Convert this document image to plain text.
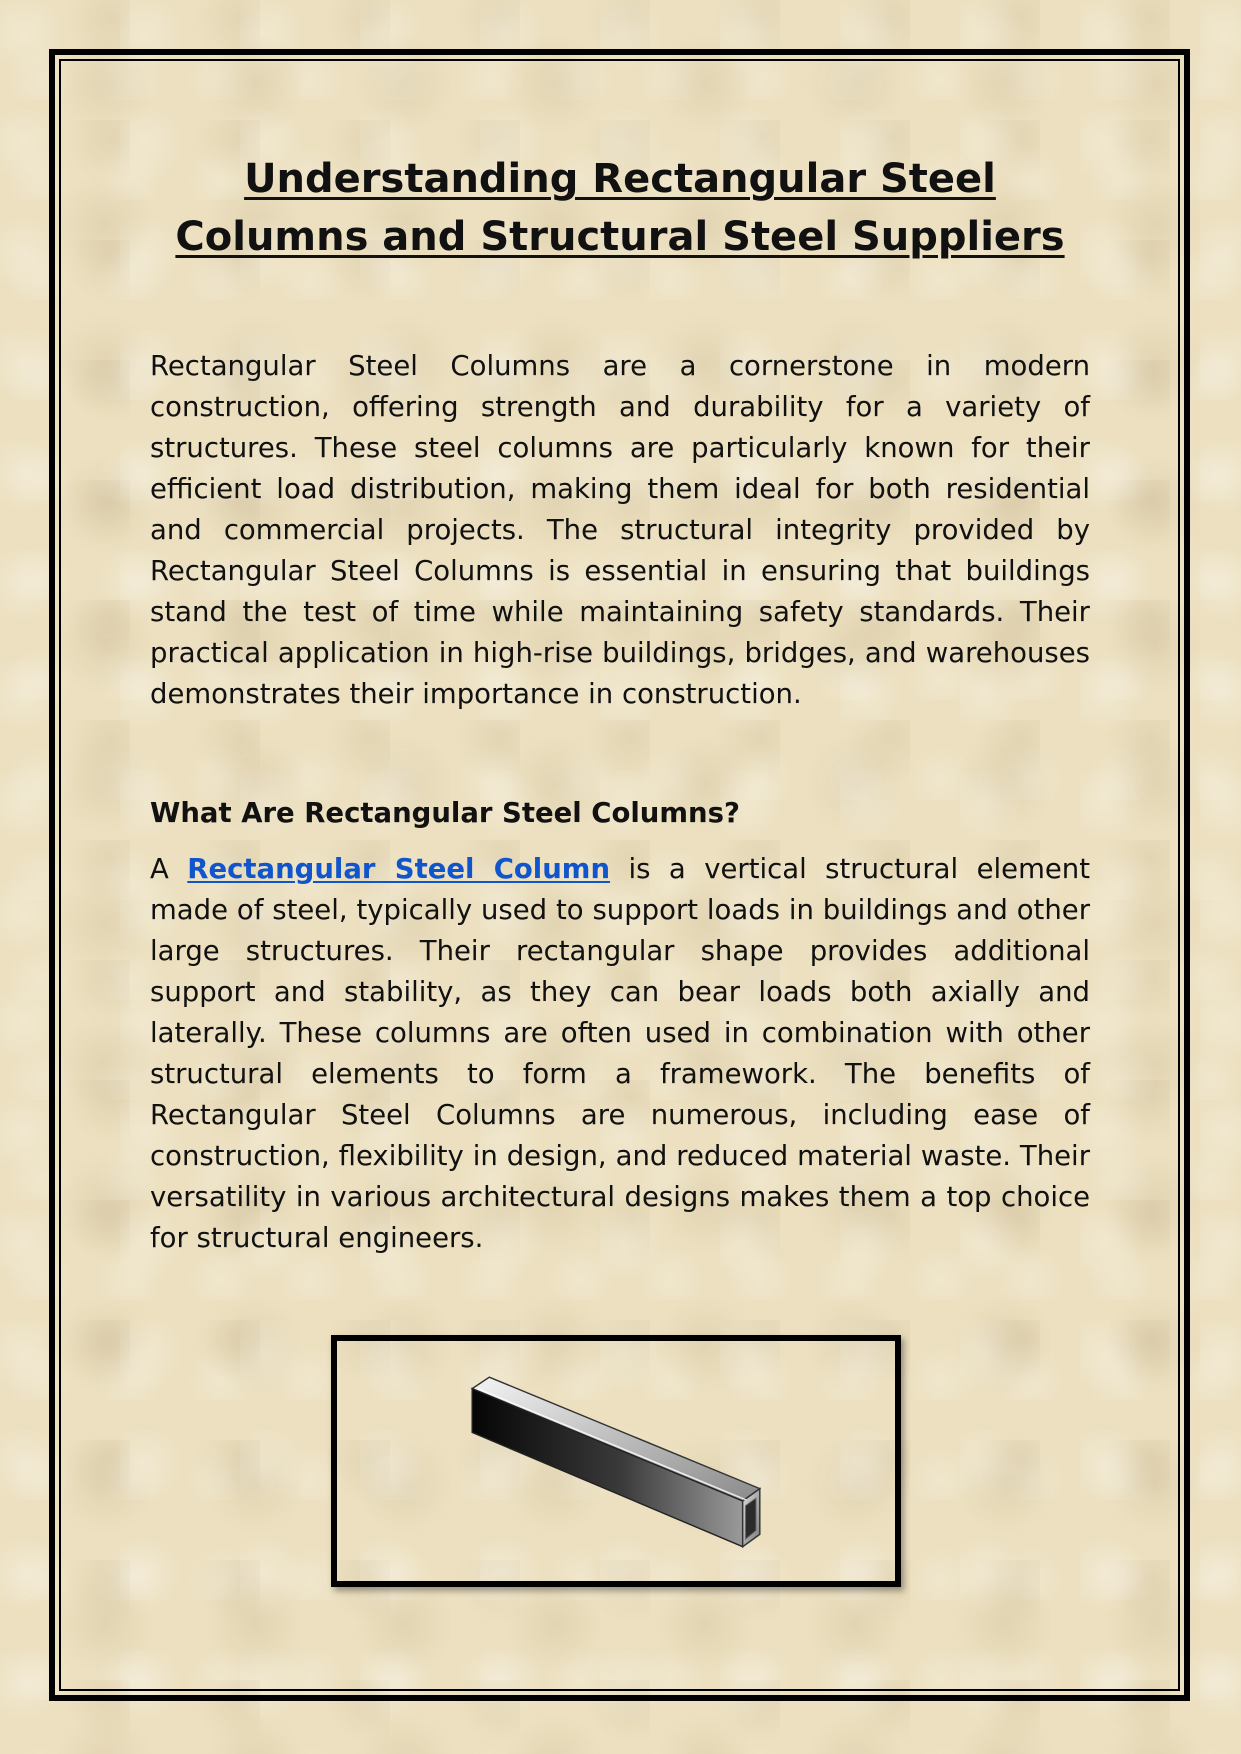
Understanding Rectangular Steel Columns and Structural Steel Suppliers

Rectangular Steel Columns are a cornerstone in modern construction, offering strength and durability for a variety of structures. These steel columns are particularly known for their efficient load distribution, making them ideal for both residential and commercial projects. The structural integrity provided by Rectangular Steel Columns is essential in ensuring that buildings stand the test of time while maintaining safety standards. Their practical application in high-rise buildings, bridges, and warehouses demonstrates their importance in construction.

What Are Rectangular Steel Columns?

A Rectangular Steel Column is a vertical structural element made of steel, typically used to support loads in buildings and other large structures. Their rectangular shape provides additional support and stability, as they can bear loads both axially and laterally. These columns are often used in combination with other structural elements to form a framework. The benefits of Rectangular Steel Columns are numerous, including ease of construction, flexibility in design, and reduced material waste. Their versatility in various architectural designs makes them a top choice for structural engineers.
